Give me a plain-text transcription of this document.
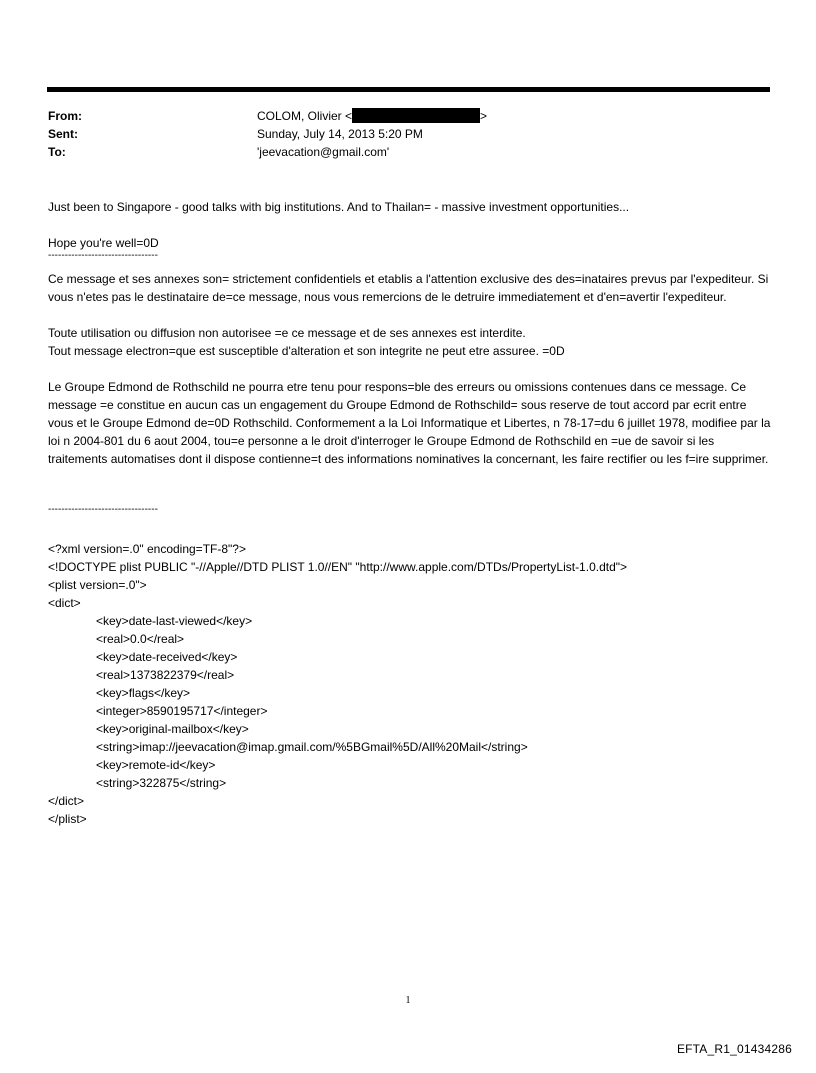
From:	COLOM, Olivier <	>
Sent:	Sunday, July 14, 2013 5:20 PM
To:	'jeevacation@gmail.com'
Just been to Singapore - good talks with big institutions. And to Thailan= - massive investment opportunities...
Hope you're well=0D
---------------------------------
Ce message et ses annexes son= strictement confidentiels et etablis a l'attention exclusive des des=inataires prevus par l'expediteur. Si vous n'etes pas le destinataire de=ce message, nous vous remercions de le detruire immediatement et d'en=avertir l'expediteur.
Toute utilisation ou diffusion non autorisee =e ce message et de ses annexes est interdite.
Tout message electron=que est susceptible d'alteration et son integrite ne peut etre assuree. =0D
Le Groupe Edmond de Rothschild ne pourra etre tenu pour respons=ble des erreurs ou omissions contenues dans ce message. Ce message =e constitue en aucun cas un engagement du Groupe Edmond de Rothschild= sous reserve de tout accord par ecrit entre vous et le Groupe Edmond de=0D Rothschild. Conformement a la Loi Informatique et Libertes, n 78-17=du 6 juillet 1978, modifiee par la loi n 2004-801 du 6 aout 2004, tou=e personne a le droit d'interroger le Groupe Edmond de Rothschild en =ue de savoir si les traitements automatises dont il dispose contienne=t des informations nominatives la concernant, les faire rectifier ou les f=ire supprimer.
---------------------------------
<?xml version=.0" encoding=TF-8"?>
<!DOCTYPE plist PUBLIC "-//Apple//DTD PLIST 1.0//EN" "http://www.apple.com/DTDs/PropertyList-1.0.dtd">
<plist version=.0">
<dict>
<key>date-last-viewed</key>
<real>0.0</real>
<key>date-received</key>
<real>1373822379</real>
<key>flags</key>
<integer>8590195717</integer>
<key>original-mailbox</key>
<string>imap://jeevacation@imap.gmail.com/%5BGmail%5D/All%20Mail</string>
<key>remote-id</key>
<string>322875</string>
</dict>
</plist>
1
EFTA_R1_01434286
